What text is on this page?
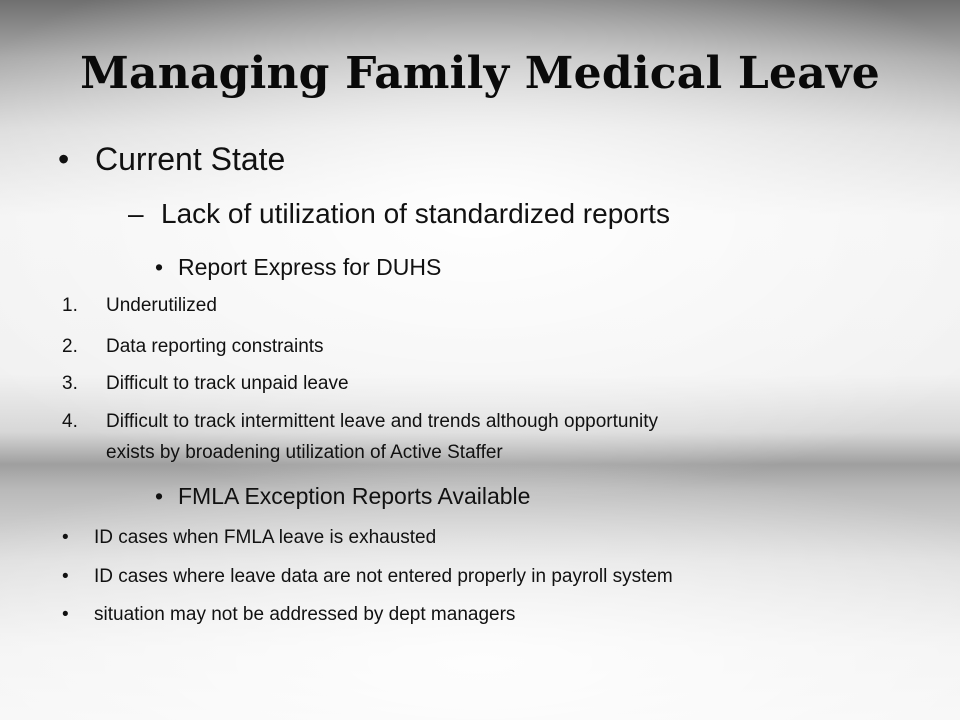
Managing Family Medical Leave
• Current State
– Lack of utilization of standardized reports
• Report Express for DUHS
1. Underutilized
2. Data reporting constraints
3. Difficult to track unpaid leave
4. Difficult to track intermittent leave and trends although opportunity
exists by broadening utilization of Active Staffer
• FMLA Exception Reports Available
• ID cases when FMLA leave is exhausted
• ID cases where leave data are not entered properly in payroll system
• situation may not be addressed by dept managers
